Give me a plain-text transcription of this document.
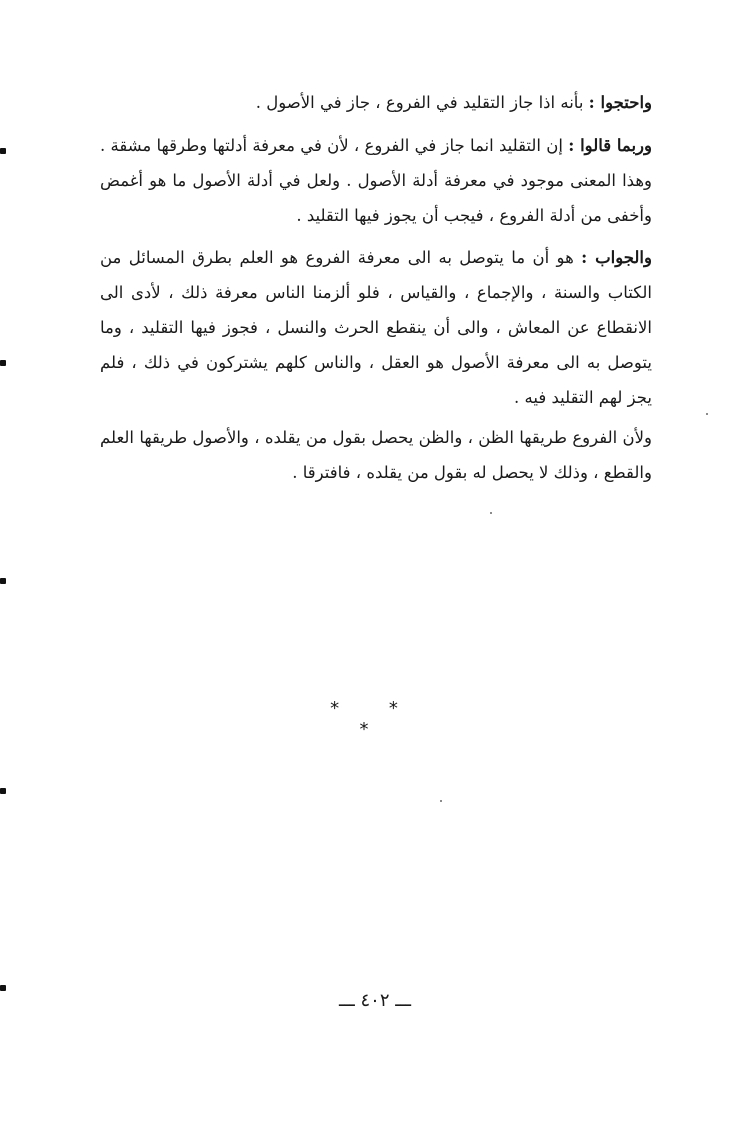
واحتجوا : بأنه اذا جاز التقليد في الفروع ، جاز في الأصول .

وربما قالوا : إن التقليد انما جاز في الفروع ، لأن في معرفة أدلتها وطرقها مشقة . وهذا المعنى موجود في معرفة أدلة الأصول . ولعل في أدلة الأصول ما هو أغمض وأخفى من أدلة الفروع ، فيجب أن يجوز فيها التقليد .

والجواب : هو أن ما يتوصل به الى معرفة الفروع هو العلم بطرق المسائل من الكتاب والسنة ، والإجماع ، والقياس ، فلو ألزمنا الناس معرفة ذلك ، لأدى الى الانقطاع عن المعاش ، والى أن ينقطع الحرث والنسل ، فجوز فيها التقليد ، وما يتوصل به الى معرفة الأصول هو العقل ، والناس كلهم يشتركون في ذلك ، فلم يجز لهم التقليد فيه .

ولأن الفروع طريقها الظن ، والظن يحصل بقول من يقلده ، والأصول طريقها العلم والقطع ، وذلك لا يحصل له بقول من يقلده ، فافترقا .

* * *
ـــ ٤٠٢ ـــ
